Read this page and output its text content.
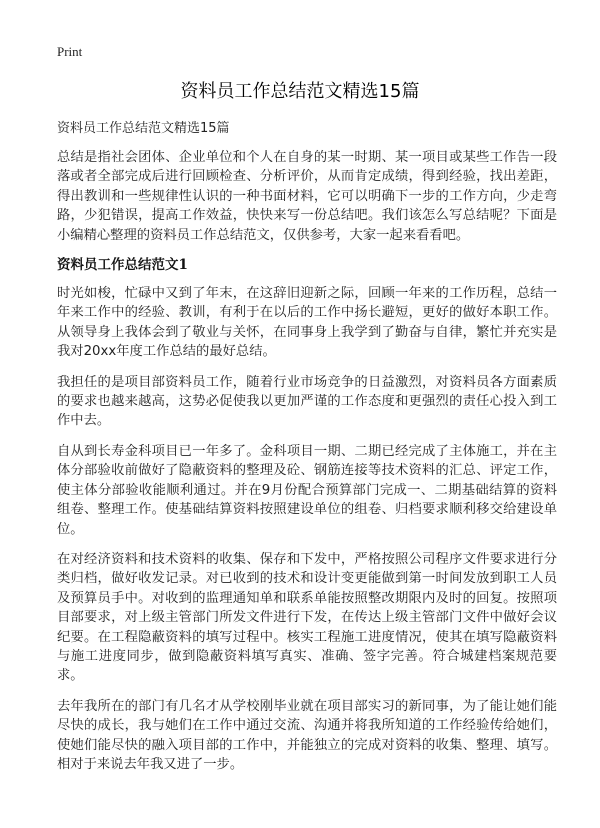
Print
资料员工作总结范文精选15篇

资料员工作总结范文精选15篇

总结是指社会团体、企业单位和个人在自身的某一时期、某一项目或某些工作告一段落或者全部完成后进行回顾检查、分析评价，从而肯定成绩，得到经验，找出差距，得出教训和一些规律性认识的一种书面材料，它可以明确下一步的工作方向，少走弯路，少犯错误，提高工作效益，快快来写一份总结吧。我们该怎么写总结呢？下面是小编精心整理的资料员工作总结范文，仅供参考，大家一起来看看吧。

资料员工作总结范文1

时光如梭，忙碌中又到了年末，在这辞旧迎新之际，回顾一年来的工作历程，总结一年来工作中的经验、教训，有利于在以后的工作中扬长避短，更好的做好本职工作。从领导身上我体会到了敬业与关怀，在同事身上我学到了勤奋与自律，繁忙并充实是我对20xx年度工作总结的最好总结。

我担任的是项目部资料员工作，随着行业市场竞争的日益激烈，对资料员各方面素质的要求也越来越高，这势必促使我以更加严谨的工作态度和更强烈的责任心投入到工作中去。

自从到长寿金科项目已一年多了。金科项目一期、二期已经完成了主体施工，并在主体分部验收前做好了隐蔽资料的整理及砼、钢筋连接等技术资料的汇总、评定工作，使主体分部验收能顺利通过。并在9月份配合预算部门完成一、二期基础结算的资料组卷、整理工作。使基础结算资料按照建设单位的组卷、归档要求顺利移交给建设单位。

在对经济资料和技术资料的收集、保存和下发中，严格按照公司程序文件要求进行分类归档，做好收发记录。对已收到的技术和设计变更能做到第一时间发放到职工人员及预算员手中。对收到的监理通知单和联系单能按照整改期限内及时的回复。按照项目部要求，对上级主管部门所发文件进行下发，在传达上级主管部门文件中做好会议纪要。在工程隐蔽资料的填写过程中。核实工程施工进度情况，使其在填写隐蔽资料与施工进度同步，做到隐蔽资料填写真实、准确、签字完善。符合城建档案规范要求。

去年我所在的部门有几名才从学校刚毕业就在项目部实习的新同事，为了能让她们能尽快的成长，我与她们在工作中通过交流、沟通并将我所知道的工作经验传给她们，使她们能尽快的融入项目部的工作中，并能独立的完成对资料的收集、整理、填写。相对于来说去年我又进了一步。
